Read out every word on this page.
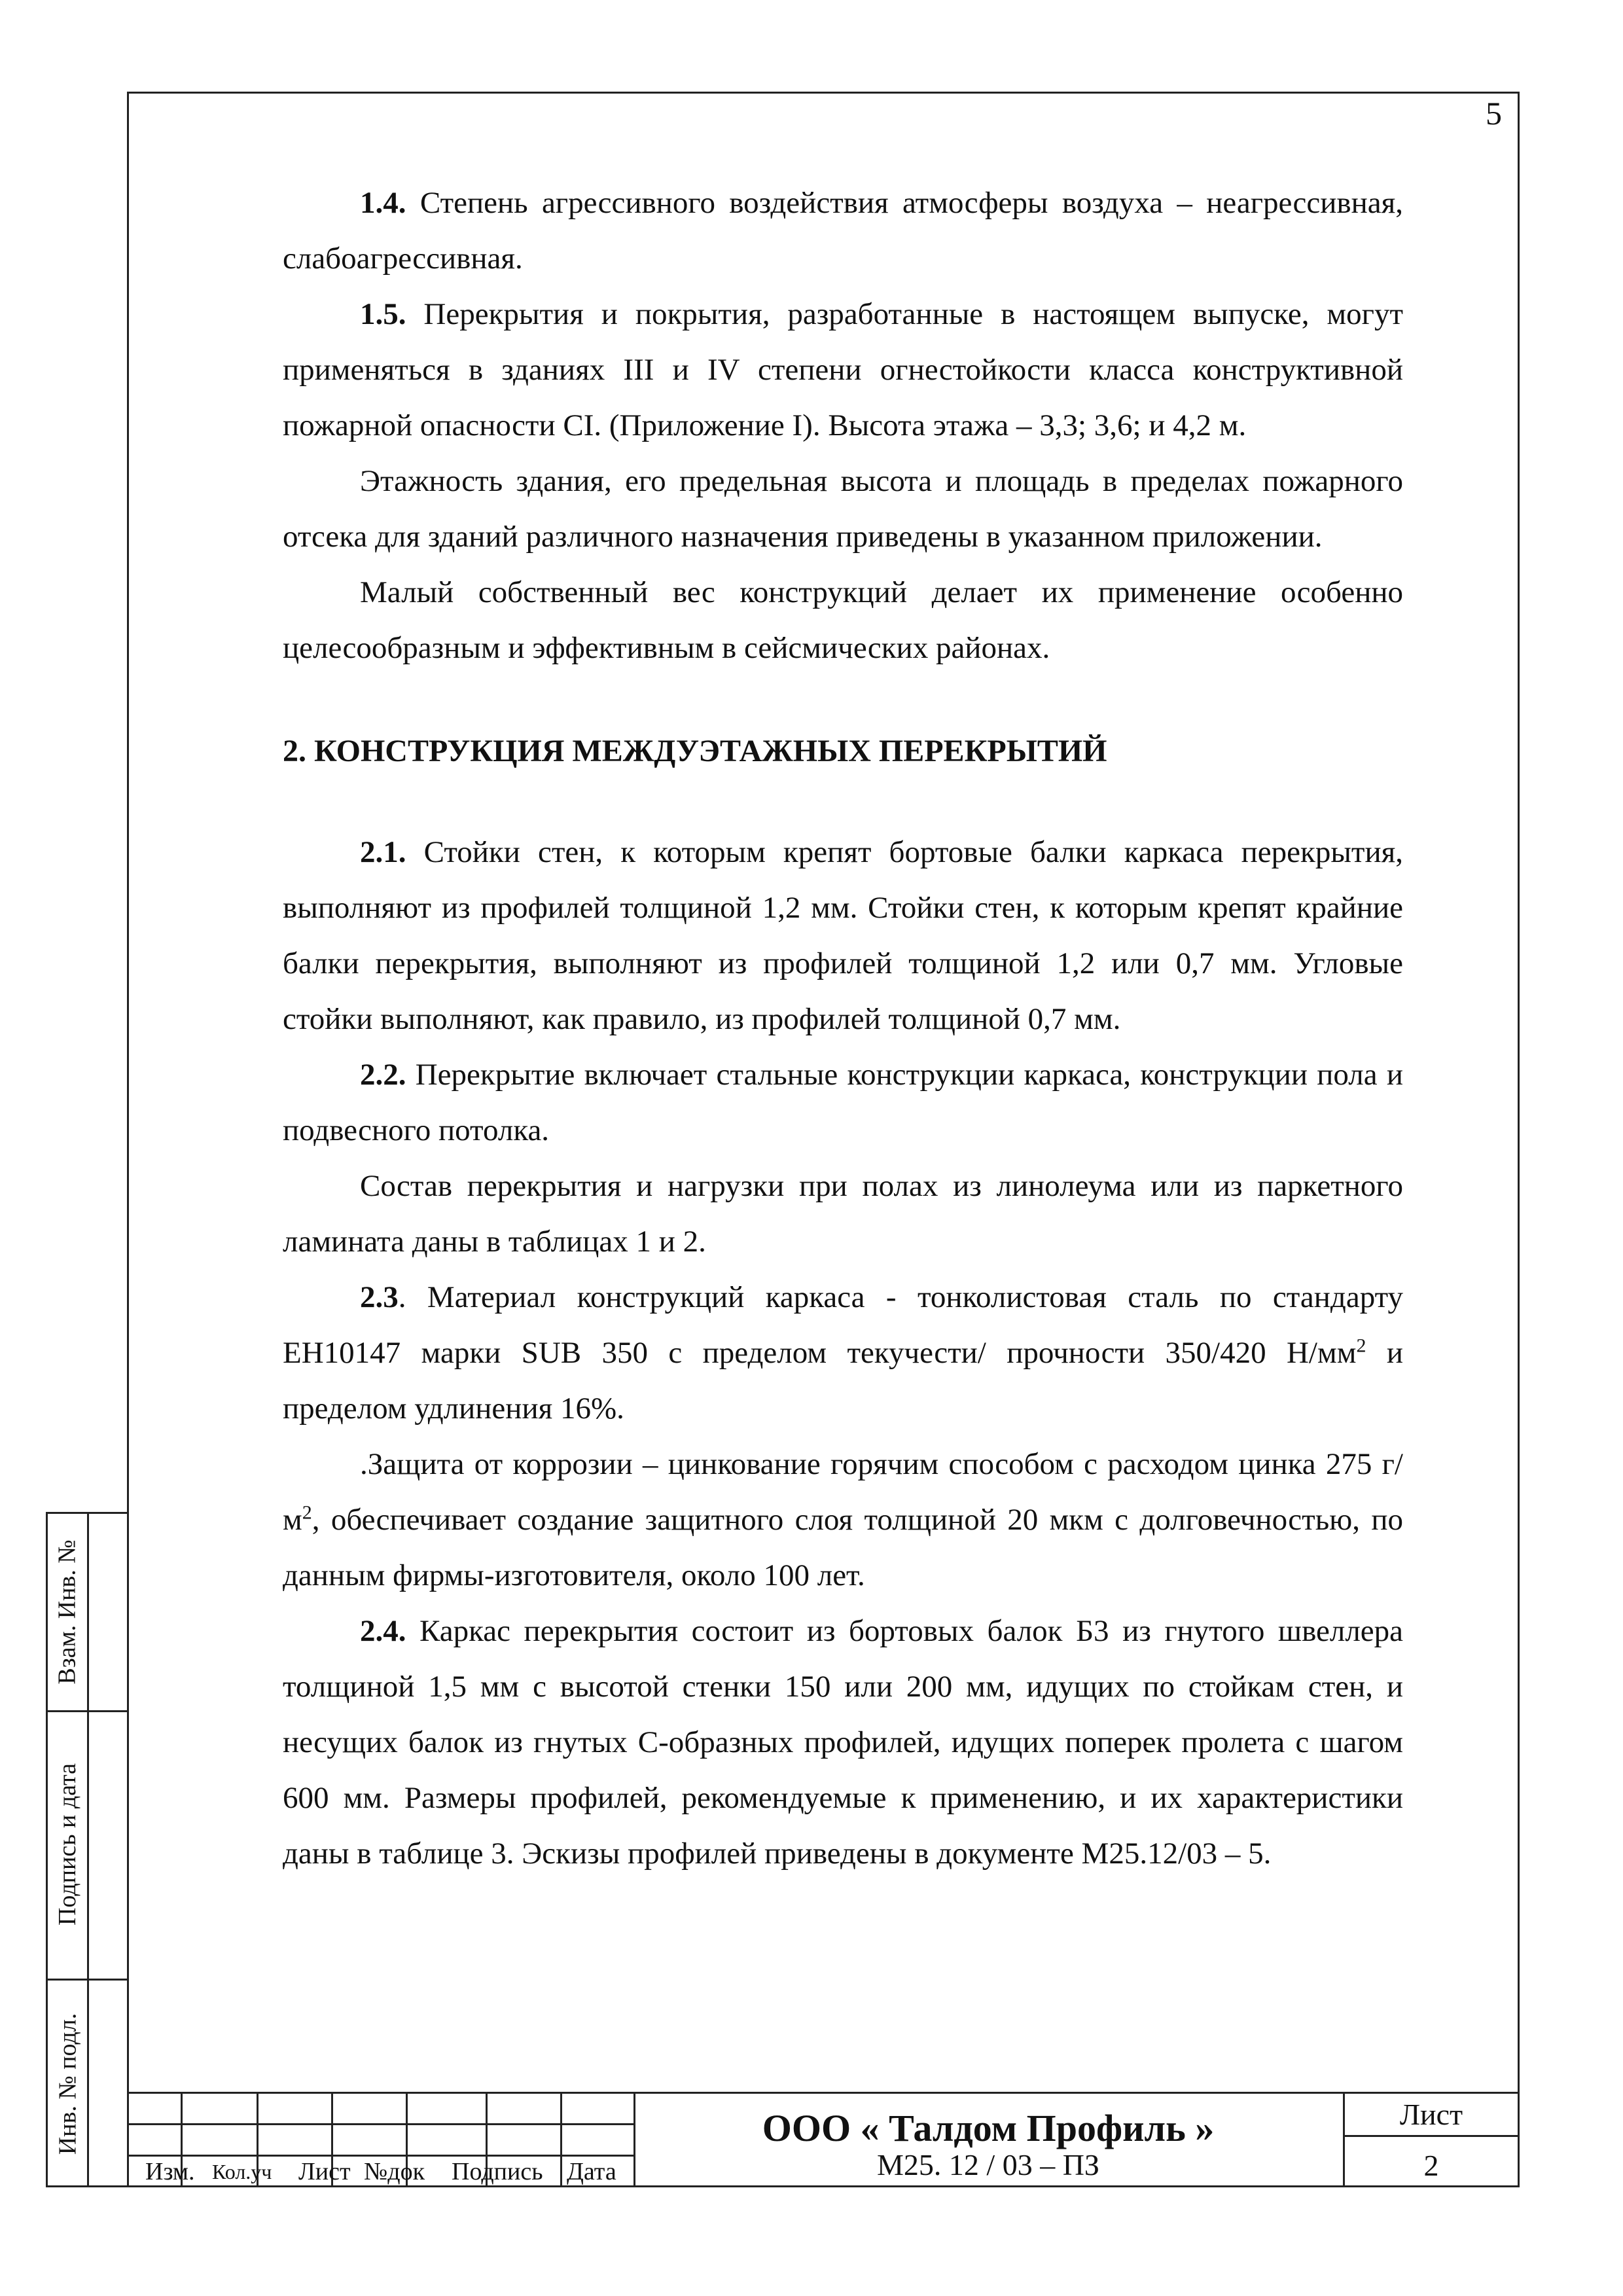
5

1.4. Степень агрессивного воздействия атмосферы воздуха – неагрессивная, слабоагрессивная.

1.5. Перекрытия и покрытия, разработанные в настоящем выпуске, могут применяться в зданиях III и IV степени огнестойкости класса конструктивной пожарной опасности CI. (Приложение I). Высота этажа – 3,3; 3,6; и 4,2 м.

Этажность здания, его предельная высота и площадь в пределах пожарного отсека для зданий различного назначения приведены в указанном приложении.

Малый собственный вес конструкций делает их применение особенно целесообразным и эффективным в сейсмических районах.

2. КОНСТРУКЦИЯ МЕЖДУЭТАЖНЫХ ПЕРЕКРЫТИЙ

2.1. Стойки стен, к которым крепят бортовые балки каркаса перекрытия, выполняют из профилей толщиной 1,2 мм. Стойки стен, к которым крепят крайние балки перекрытия, выполняют из профилей толщиной 1,2 или 0,7 мм. Угловые стойки выполняют, как правило, из профилей толщиной 0,7 мм.

2.2. Перекрытие включает стальные конструкции каркаса, конструкции пола и подвесного потолка.

Состав перекрытия и нагрузки при полах из линолеума или из паркетного ламината даны в таблицах 1 и 2.

2.3. Материал конструкций каркаса - тонколистовая сталь по стандарту ЕН10147 марки SUB 350 с пределом текучести/ прочности 350/420 $Н/мм^2$ и пределом удлинения 16%.

.Защита от коррозии – цинкование горячим способом с расходом цинка 275 $г/м^2$, обеспечивает создание защитного слоя толщиной 20 мкм с долговечностью, по данным фирмы-изготовителя, около 100 лет.

2.4. Каркас перекрытия состоит из бортовых балок Б3 из гнутого швеллера толщиной 1,5 мм с высотой стенки 150 или 200 мм, идущих по стойкам стен, и несущих балок из гнутых С-образных профилей, идущих поперек пролета с шагом 600 мм. Размеры профилей, рекомендуемые к применению, и их характеристики даны в таблице 3. Эскизы профилей приведены в документе М25.12/03 – 5.

Взам. Инв. №
Подпись и дата
Инв. № подл.
Изм. Кол.уч Лист №док Подпись Дата
ООО « Талдом Профиль »
М25. 12 / 03 – ПЗ
Лист
2
